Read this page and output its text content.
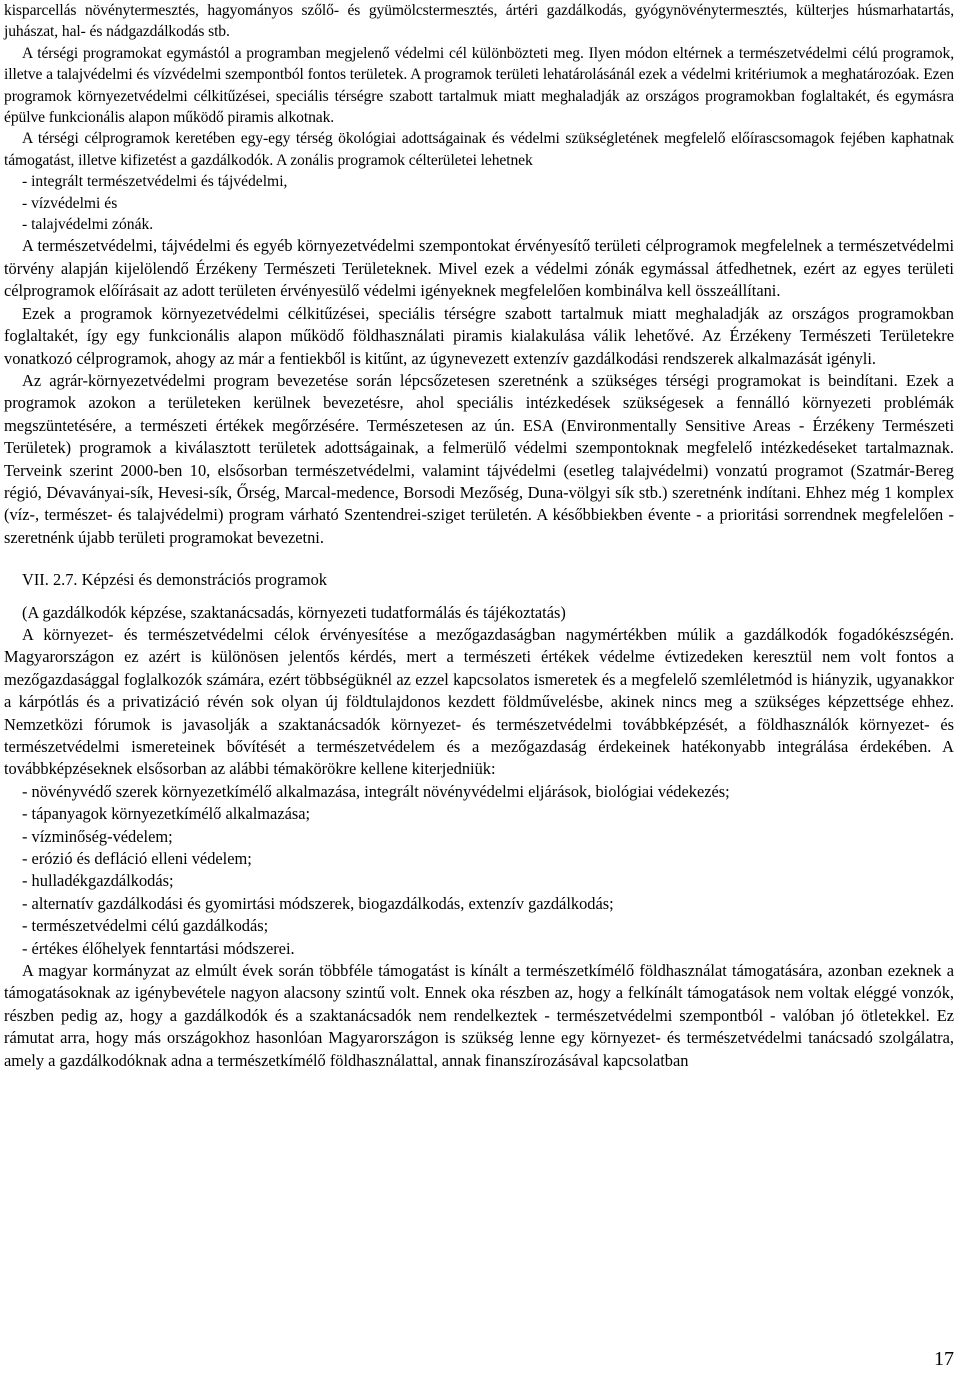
kisparcellás növénytermesztés, hagyományos szőlő- és gyümölcstermesztés, ártéri gazdálkodás, gyógynövénytermesztés, külterjes húsmarhatartás, juhászat, hal- és nádgazdálkodás stb.

A térségi programokat egymástól a programban megjelenő védelmi cél különbözteti meg. Ilyen módon eltérnek a természetvédelmi célú programok, illetve a talajvédelmi és vízvédelmi szempontból fontos területek. A programok területi lehatárolásánál ezek a védelmi kritériumok a meghatározóak. Ezen programok környezetvédelmi célkitűzései, speciális térségre szabott tartalmuk miatt meghaladják az országos programokban foglaltakét, és egymásra épülve funkcionális alapon működő piramis alkotnak.

A térségi célprogramok keretében egy-egy térség ökológiai adottságainak és védelmi szükségletének megfelelő előírascsomagok fejében kaphatnak támogatást, illetve kifizetést a gazdálkodók. A zonális programok célterületei lehetnek

- integrált természetvédelmi és tájvédelmi,

- vízvédelmi és

- talajvédelmi zónák.

A természetvédelmi, tájvédelmi és egyéb környezetvédelmi szempontokat érvényesítő területi célprogramok megfelelnek a természetvédelmi törvény alapján kijelölendő Érzékeny Természeti Területeknek. Mivel ezek a védelmi zónák egymással átfedhetnek, ezért az egyes területi célprogramok előírásait az adott területen érvényesülő védelmi igényeknek megfelelően kombinálva kell összeállítani.

Ezek a programok környezetvédelmi célkitűzései, speciális térségre szabott tartalmuk miatt meghaladják az országos programokban foglaltakét, így egy funkcionális alapon működő földhasználati piramis kialakulása válik lehetővé. Az Érzékeny Természeti Területekre vonatkozó célprogramok, ahogy az már a fentiekből is kitűnt, az úgynevezett extenzív gazdálkodási rendszerek alkalmazását igényli.

Az agrár-környezetvédelmi program bevezetése során lépcsőzetesen szeretnénk a szükséges térségi programokat is beindítani. Ezek a programok azokon a területeken kerülnek bevezetésre, ahol speciális intézkedések szükségesek a fennálló környezeti problémák megszüntetésére, a természeti értékek megőrzésére. Természetesen az ún. ESA (Environmentally Sensitive Areas - Érzékeny Természeti Területek) programok a kiválasztott területek adottságainak, a felmerülő védelmi szempontoknak megfelelő intézkedéseket tartalmaznak. Terveink szerint 2000-ben 10, elsősorban természetvédelmi, valamint tájvédelmi (esetleg talajvédelmi) vonzatú programot (Szatmár-Bereg régió, Dévaványai-sík, Hevesi-sík, Őrség, Marcal-medence, Borsodi Mezőség, Duna-völgyi sík stb.) szeretnénk indítani. Ehhez még 1 komplex (víz-, természet- és talajvédelmi) program várható Szentendrei-sziget területén. A későbbiekben évente - a prioritási sorrendnek megfelelően - szeretnénk újabb területi programokat bevezetni.

VII. 2.7. Képzési és demonstrációs programok

(A gazdálkodók képzése, szaktanácsadás, környezeti tudatformálás és tájékoztatás)

A környezet- és természetvédelmi célok érvényesítése a mezőgazdaságban nagymértékben múlik a gazdálkodók fogadókészségén. Magyarországon ez azért is különösen jelentős kérdés, mert a természeti értékek védelme évtizedeken keresztül nem volt fontos a mezőgazdasággal foglalkozók számára, ezért többségüknél az ezzel kapcsolatos ismeretek és a megfelelő szemléletmód is hiányzik, ugyanakkor a kárpótlás és a privatizáció révén sok olyan új földtulajdonos kezdett földművelésbe, akinek nincs meg a szükséges képzettsége ehhez. Nemzetközi fórumok is javasolják a szaktanácsadók környezet- és természetvédelmi továbbképzését, a földhasználók környezet- és természetvédelmi ismereteinek bővítését a természetvédelem és a mezőgazdaság érdekeinek hatékonyabb integrálása érdekében. A továbbképzéseknek elsősorban az alábbi témakörökre kellene kiterjedniük:

- növényvédő szerek környezetkímélő alkalmazása, integrált növényvédelmi eljárások, biológiai védekezés;

- tápanyagok környezetkímélő alkalmazása;

- vízminőség-védelem;

- erózió és defláció elleni védelem;

- hulladékgazdálkodás;

- alternatív gazdálkodási és gyomirtási módszerek, biogazdálkodás, extenzív gazdálkodás;

- természetvédelmi célú gazdálkodás;

- értékes élőhelyek fenntartási módszerei.

A magyar kormányzat az elmúlt évek során többféle támogatást is kínált a természetkímélő földhasználat támogatására, azonban ezeknek a támogatásoknak az igénybevétele nagyon alacsony szintű volt. Ennek oka részben az, hogy a felkínált támogatások nem voltak eléggé vonzók, részben pedig az, hogy a gazdálkodók és a szaktanácsadók nem rendelkeztek - természetvédelmi szempontból - valóban jó ötletekkel. Ez rámutat arra, hogy más országokhoz hasonlóan Magyarországon is szükség lenne egy környezet- és természetvédelmi tanácsadó szolgálatra, amely a gazdálkodóknak adna a természetkímélő földhasználattal, annak finanszírozásával kapcsolatban

17
